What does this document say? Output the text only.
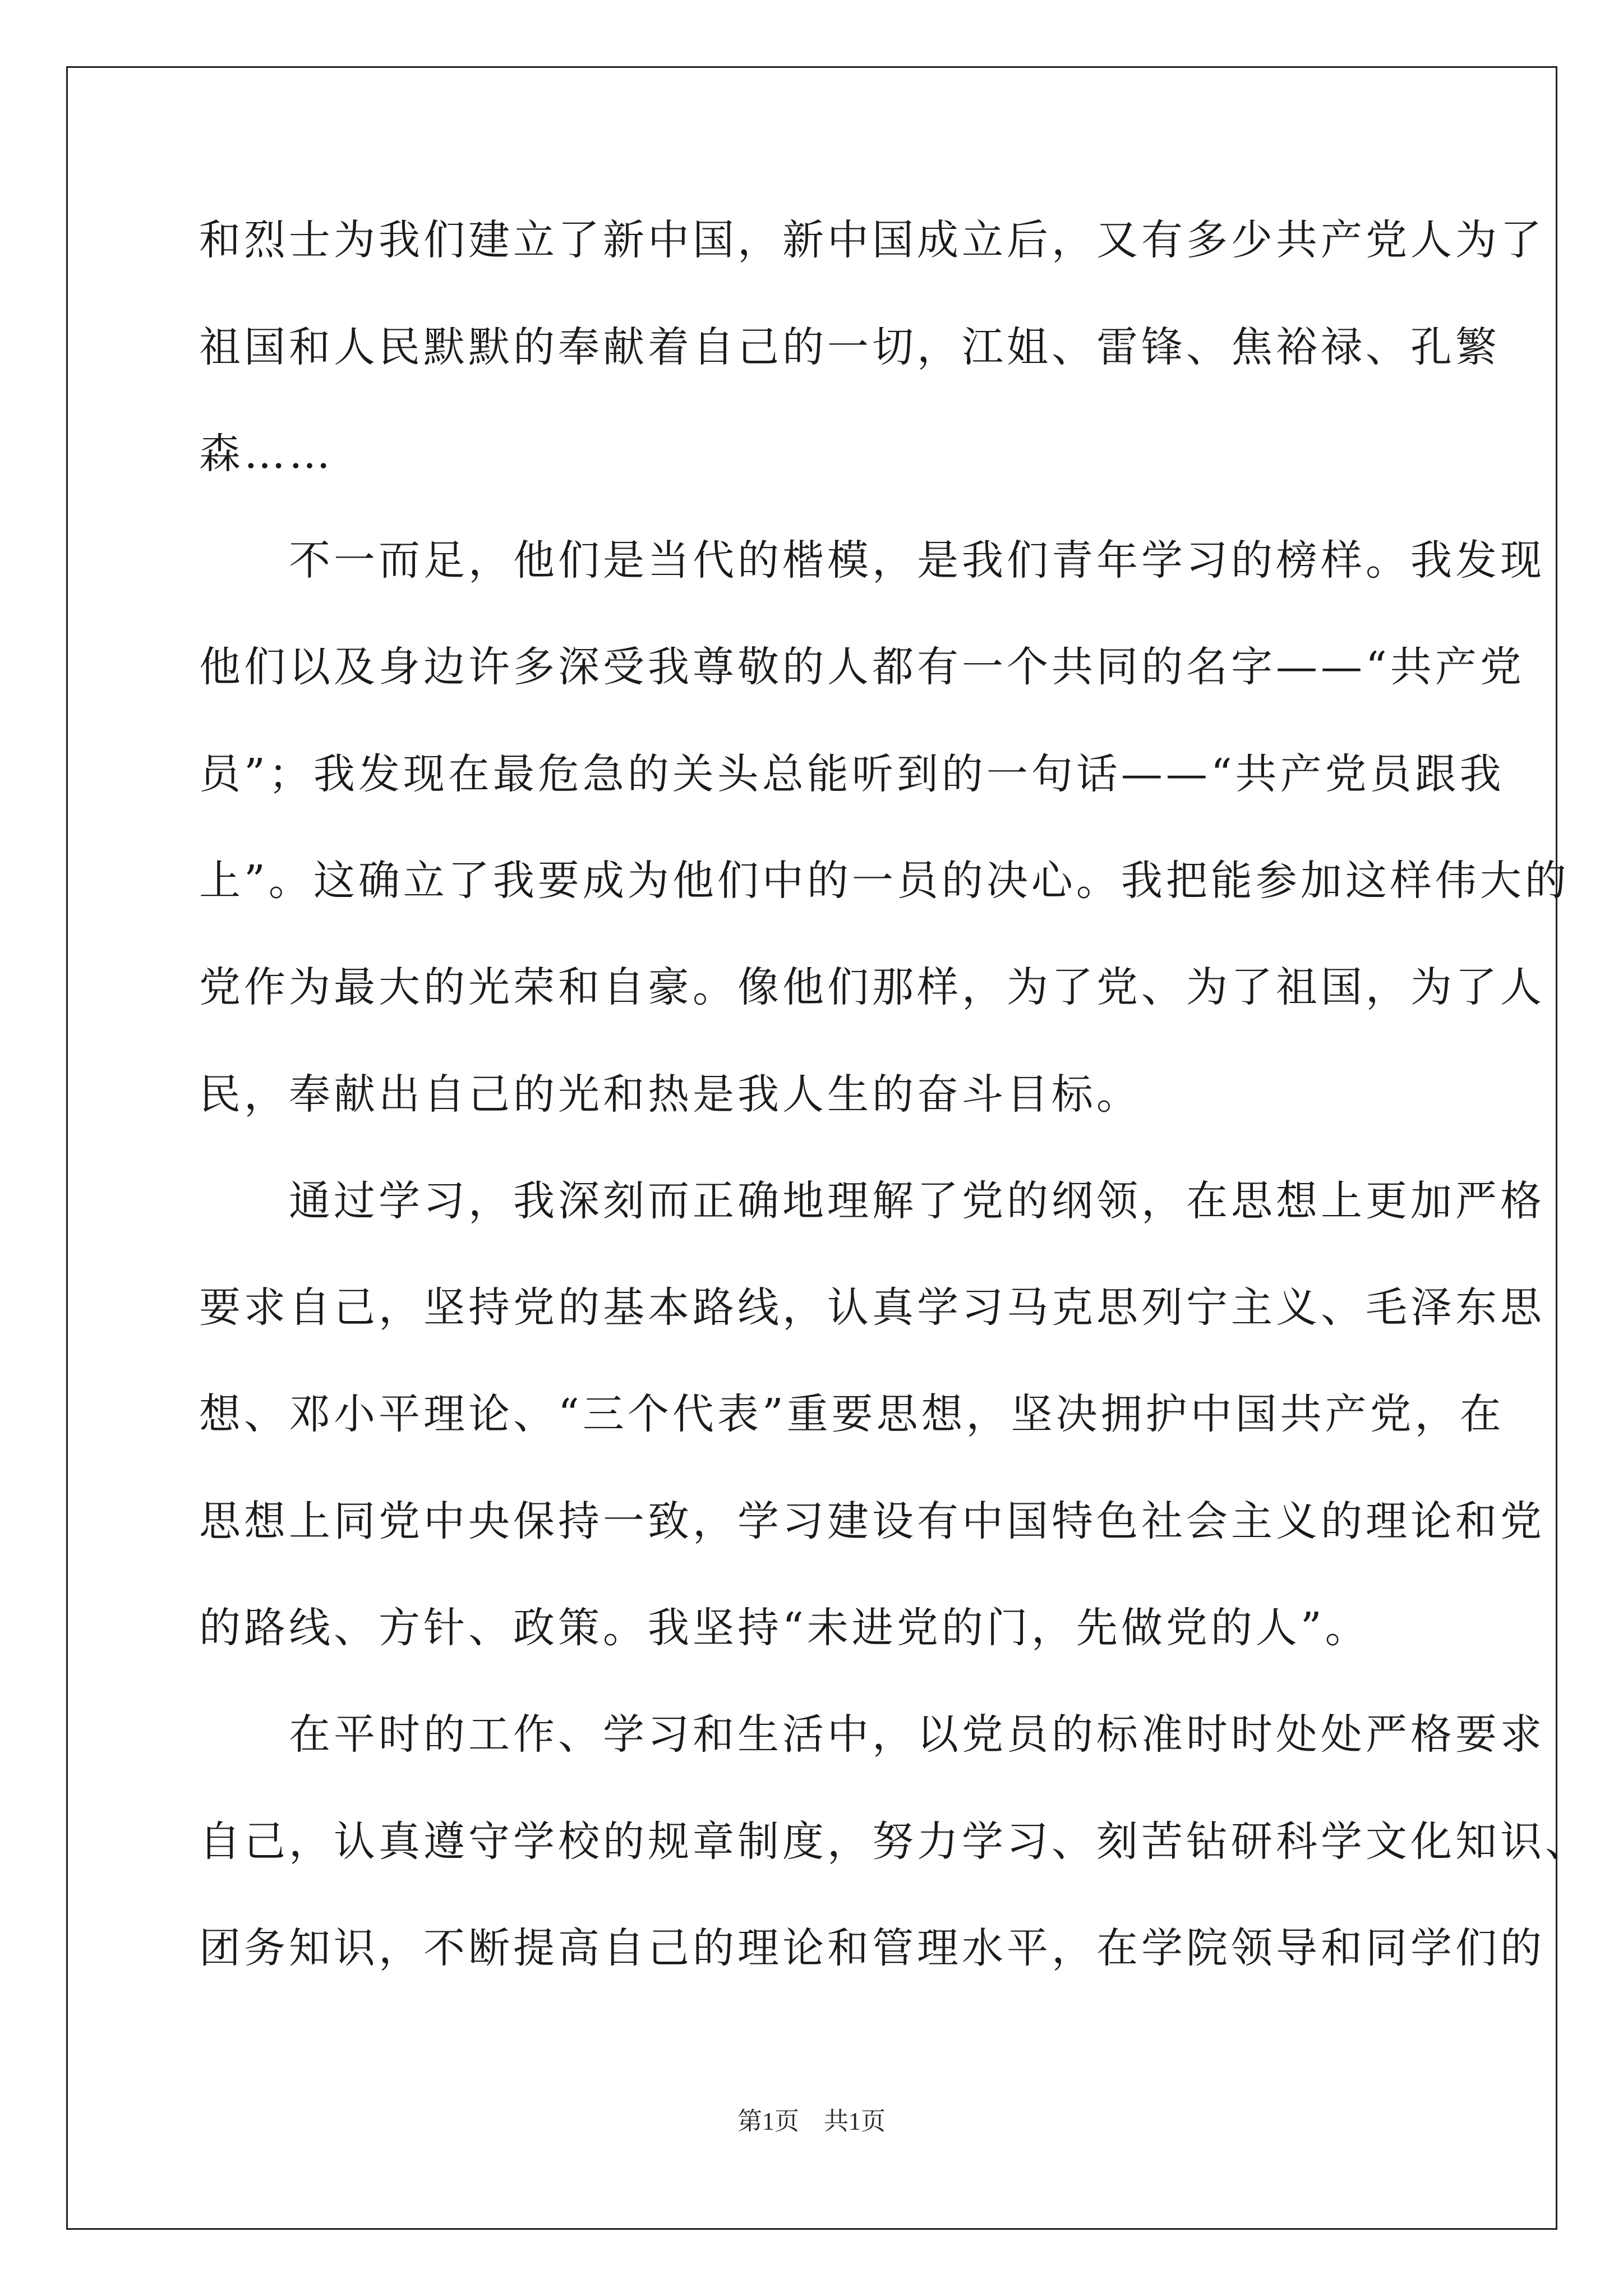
和烈士为我们建立了新中国，新中国成立后，又有多少共产党人为了
祖国和人民默默的奉献着自己的一切，江姐、雷锋、焦裕禄、孔繁
森……
　　不一而足，他们是当代的楷模，是我们青年学习的榜样。我发现
他们以及身边许多深受我尊敬的人都有一个共同的名字——“共产党
员”；我发现在最危急的关头总能听到的一句话——“共产党员跟我
上”。这确立了我要成为他们中的一员的决心。我把能参加这样伟大的
党作为最大的光荣和自豪。像他们那样，为了党、为了祖国，为了人
民，奉献出自己的光和热是我人生的奋斗目标。
　　通过学习，我深刻而正确地理解了党的纲领，在思想上更加严格
要求自己，坚持党的基本路线，认真学习马克思列宁主义、毛泽东思
想、邓小平理论、“三个代表”重要思想，坚决拥护中国共产党，在
思想上同党中央保持一致，学习建设有中国特色社会主义的理论和党
的路线、方针、政策。我坚持“未进党的门，先做党的人”。
　　在平时的工作、学习和生活中，以党员的标准时时处处严格要求
自己，认真遵守学校的规章制度，努力学习、刻苦钻研科学文化知识、
团务知识，不断提高自己的理论和管理水平，在学院领导和同学们的
第1页　共1页
